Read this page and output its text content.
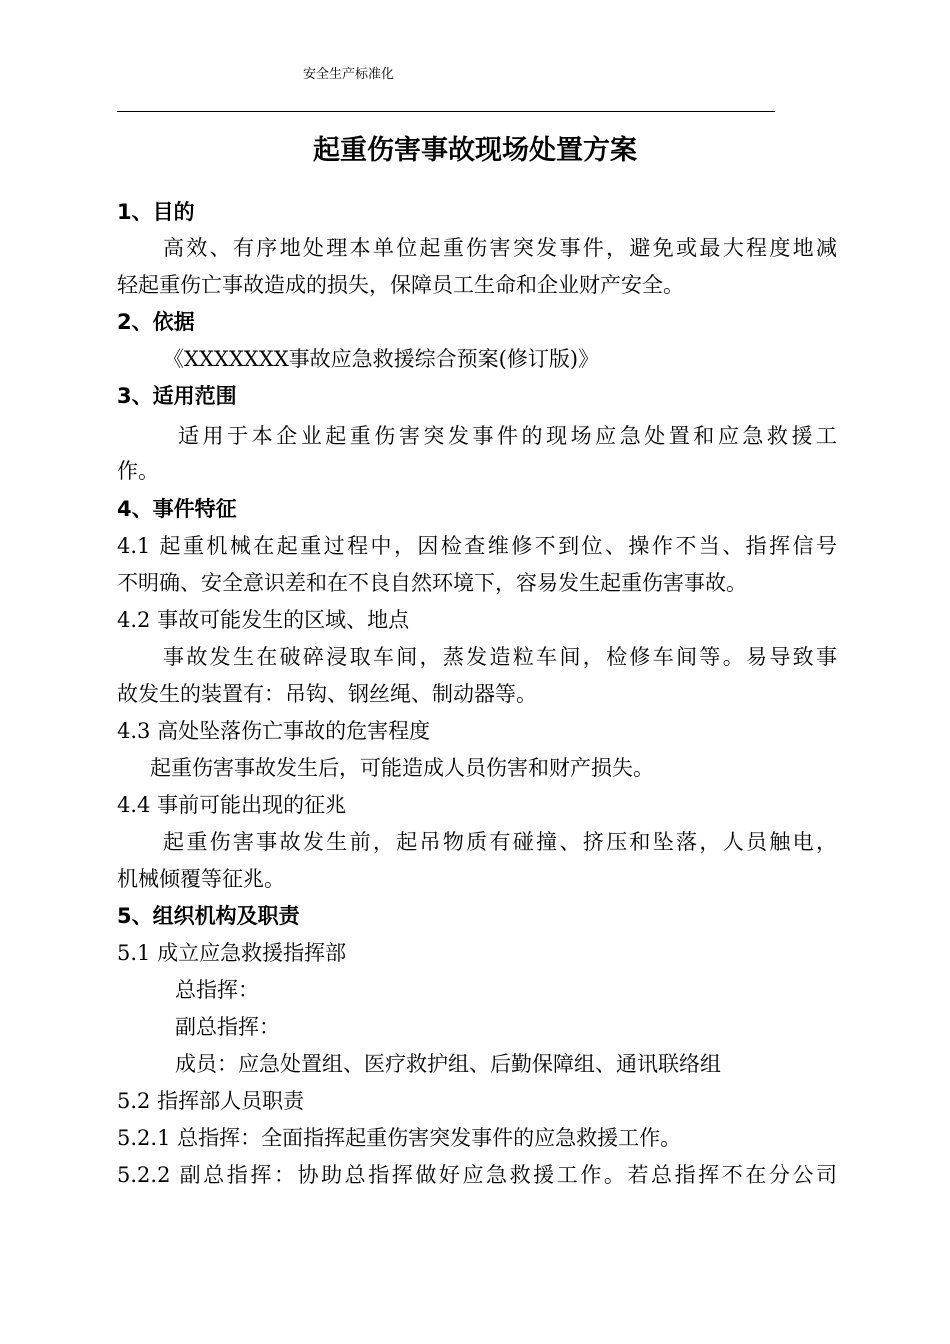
安全生产标准化
起重伤害事故现场处置方案
1、目的
高效、有序地处理本单位起重伤害突发事件，避免或最大程度地减
轻起重伤亡事故造成的损失，保障员工生命和企业财产安全。
2、依据
《XXXXXXX事故应急救援综合预案(修订版)》
3、适用范围
适用于本企业起重伤害突发事件的现场应急处置和应急救援工
作。
4、事件特征
4.1 起重机械在起重过程中，因检查维修不到位、操作不当、指挥信号
不明确、安全意识差和在不良自然环境下，容易发生起重伤害事故。
4.2 事故可能发生的区域、地点
事故发生在破碎浸取车间，蒸发造粒车间，检修车间等。易导致事
故发生的装置有：吊钩、钢丝绳、制动器等。
4.3 高处坠落伤亡事故的危害程度
起重伤害事故发生后，可能造成人员伤害和财产损失。
4.4 事前可能出现的征兆
起重伤害事故发生前，起吊物质有碰撞、挤压和坠落，人员触电，
机械倾覆等征兆。
5、组织机构及职责
5.1 成立应急救援指挥部
总指挥：
副总指挥：
成员：应急处置组、医疗救护组、后勤保障组、通讯联络组
5.2 指挥部人员职责
5.2.1 总指挥：全面指挥起重伤害突发事件的应急救援工作。
5.2.2 副总指挥：协助总指挥做好应急救援工作。若总指挥不在分公司
